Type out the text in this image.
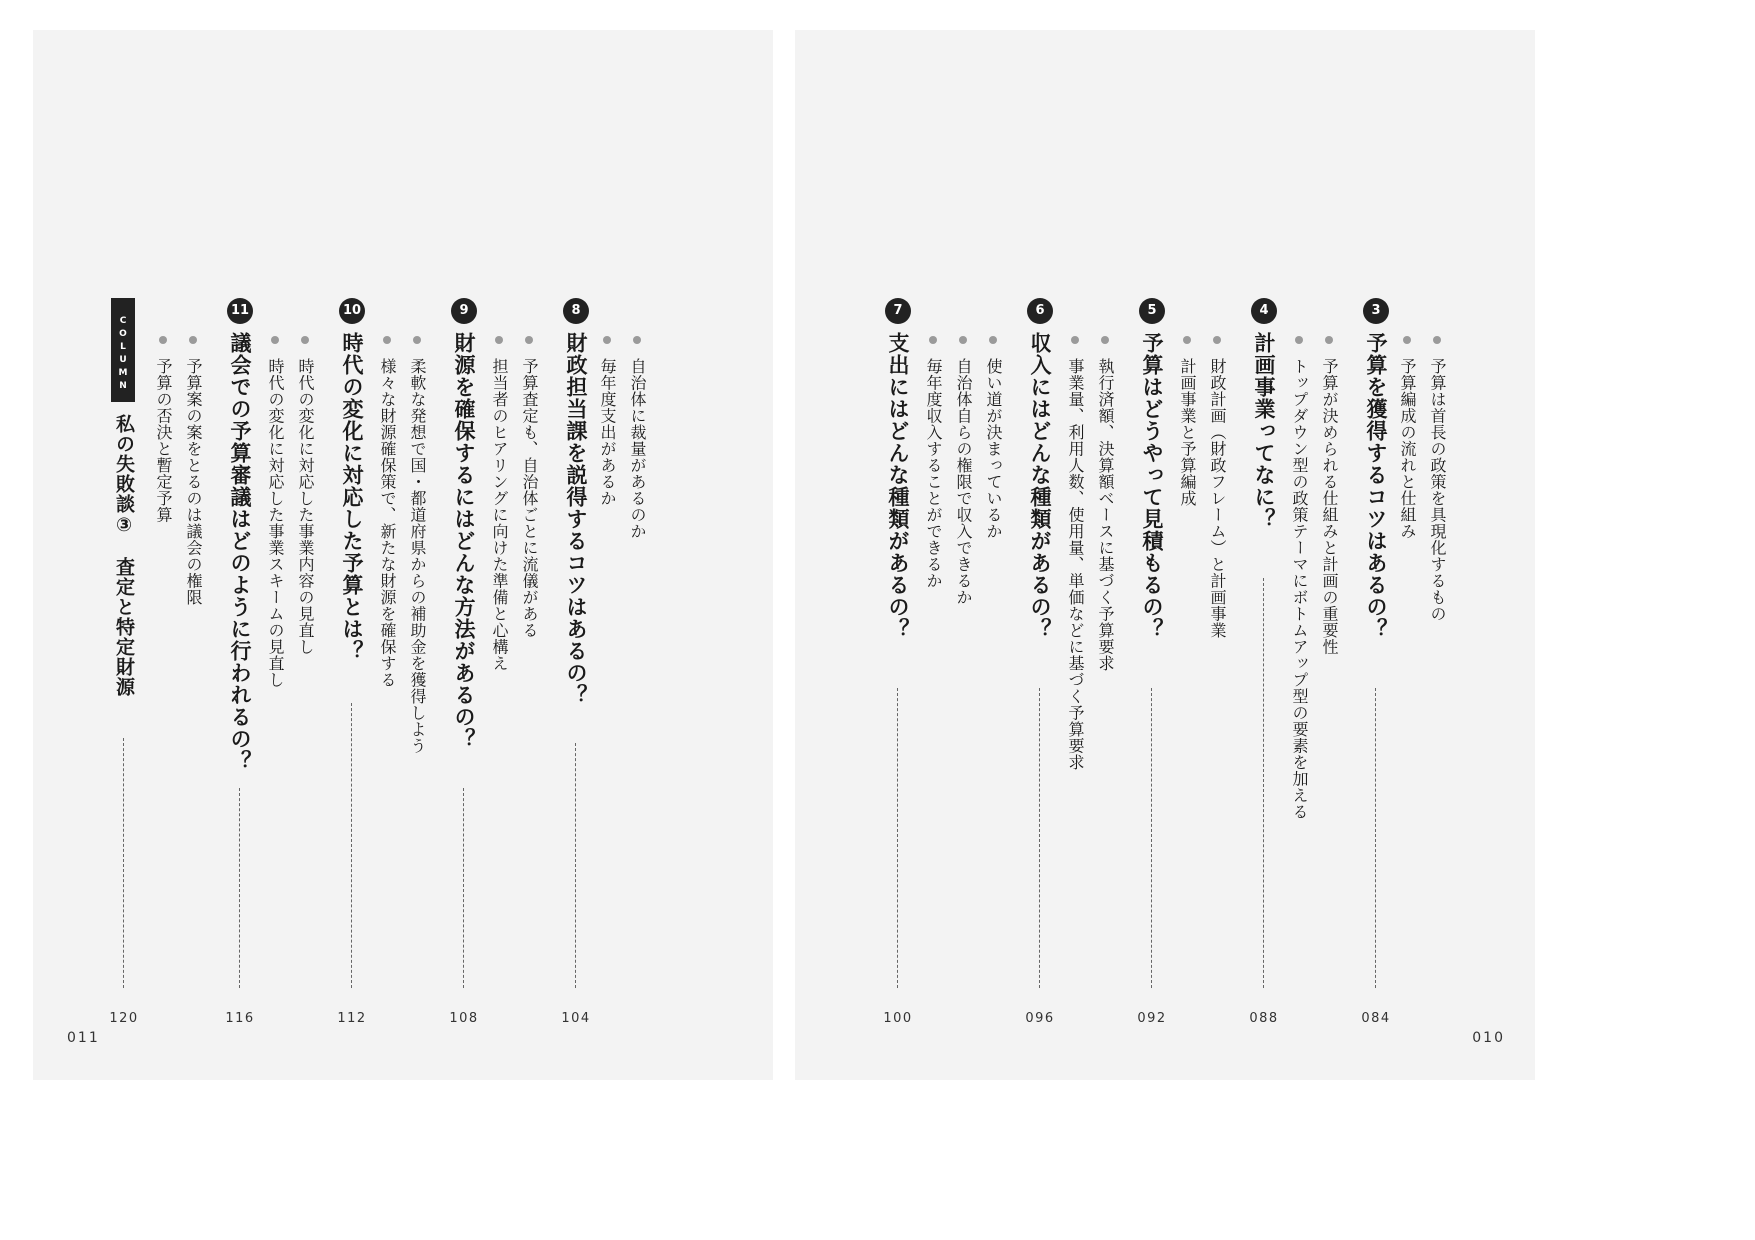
3
予算を獲得するコツはあるの？	予算は首長の政策を具現化するもの
予算編成の流れと仕組み
予算が決められる仕組みと計画の重要性
トップダウン型の政策テーマにボトムアップ型の要素を加える
084
4
計画事業ってなに？
財政計画（財政フレーム）と計画事業
計画事業と予算編成
088
5
予算はどうやって見積もるの？
執行済額、決算額ベースに基づく予算要求
事業量、利用人数、使用量、単価などに基づく予算要求
092
6
収入にはどんな種類があるの？
使い道が決まっているか
自治体自らの権限で収入できるか
毎年度収入することができるか
096
7
支出にはどんな種類があるの？
100
010
8
財政担当課を説得するコツはあるの？	自治体に裁量があるのか
毎年度支出があるか
予算査定も、自治体ごとに流儀がある
担当者のヒアリングに向けた準備と心構え
104
9
財源を確保するにはどんな方法があるの？
柔軟な発想で国・都道府県からの補助金を獲得しよう
様々な財源確保策で、新たな財源を確保する
108
10
時代の変化に対応した予算とは？
時代の変化に対応した事業内容の見直し
時代の変化に対応した事業スキームの見直し
112
11
議会での予算審議はどのように行われるの？
予算案の案をとるのは議会の権限
予算の否決と暫定予算
116
COLUMN
私の失敗談③　査定と特定財源
120
011
